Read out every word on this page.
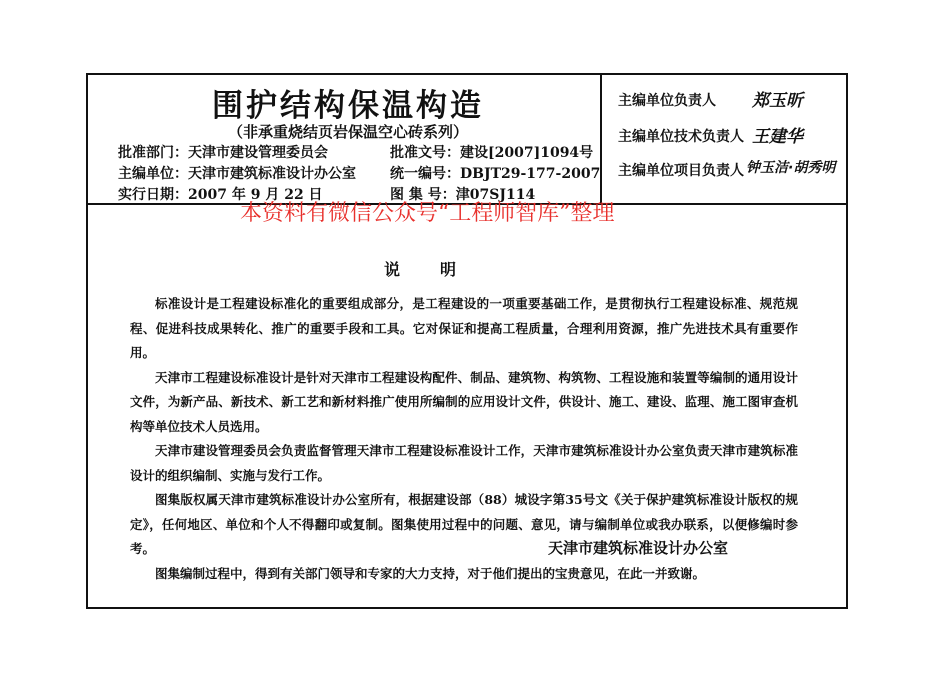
围护结构保温构造
（非承重烧结页岩保温空心砖系列）
批准部门：天津市建设管理委员会
主编单位：天津市建筑标准设计办公室
实行日期：2007 年 9 月 22 日
批准文号：建设[2007]1094号
统一编号：DBJT29-177-2007
图 集 号：津07SJ114
主编单位负责人 郑玉昕
主编单位技术负责人 王建华
主编单位项目负责人 钟玉洁·胡秀明
本资料有微信公众号“工程师智库”整理
说明

标准设计是工程建设标准化的重要组成部分，是工程建设的一项重要基础工作，是贯彻执行工程建设标准、规范规程、促进科技成果转化、推广的重要手段和工具。它对保证和提高工程质量，合理利用资源，推广先进技术具有重要作用。

天津市工程建设标准设计是针对天津市工程建设构配件、制品、建筑物、构筑物、工程设施和装置等编制的通用设计文件，为新产品、新技术、新工艺和新材料推广使用所编制的应用设计文件，供设计、施工、建设、监理、施工图审查机构等单位技术人员选用。

天津市建设管理委员会负责监督管理天津市工程建设标准设计工作，天津市建筑标准设计办公室负责天津市建筑标准设计的组织编制、实施与发行工作。

图集版权属天津市建筑标准设计办公室所有，根据建设部（88）城设字第35号文《关于保护建筑标准设计版权的规定》，任何地区、单位和个人不得翻印或复制。图集使用过程中的问题、意见，请与编制单位或我办联系，以便修编时参考。

图集编制过程中，得到有关部门领导和专家的大力支持，对于他们提出的宝贵意见，在此一并致谢。

天津市建筑标准设计办公室
